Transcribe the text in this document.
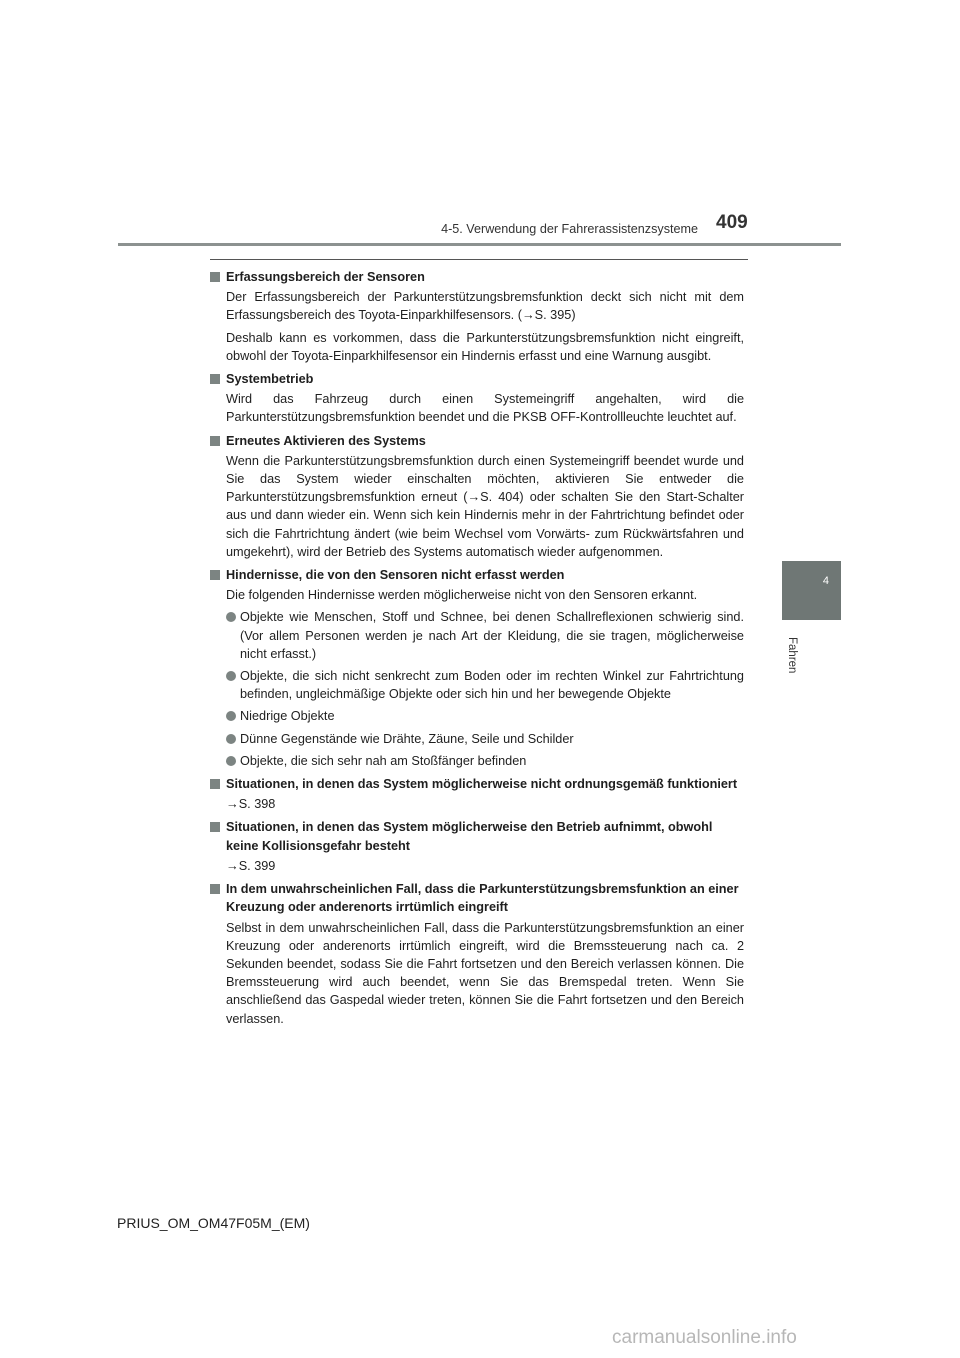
4-5. Verwendung der Fahrerassistenzsysteme 409
4
Fahren
Erfassungsbereich der Sensoren
Der Erfassungsbereich der Parkunterstützungsbremsfunktion deckt sich nicht mit dem Erfassungsbereich des Toyota-Einparkhilfesensors. (→S. 395)
Deshalb kann es vorkommen, dass die Parkunterstützungsbremsfunktion nicht eingreift, obwohl der Toyota-Einparkhilfesensor ein Hindernis erfasst und eine Warnung ausgibt.
Systembetrieb
Wird das Fahrzeug durch einen Systemeingriff angehalten, wird die Parkunterstützungsbremsfunktion beendet und die PKSB OFF-Kontrollleuchte leuchtet auf.
Erneutes Aktivieren des Systems
Wenn die Parkunterstützungsbremsfunktion durch einen Systemeingriff beendet wurde und Sie das System wieder einschalten möchten, aktivieren Sie entweder die Parkunterstützungsbremsfunktion erneut (→S. 404) oder schalten Sie den Start-Schalter aus und dann wieder ein. Wenn sich kein Hindernis mehr in der Fahrtrichtung befindet oder sich die Fahrtrichtung ändert (wie beim Wechsel vom Vorwärts- zum Rückwärtsfahren und umgekehrt), wird der Betrieb des Systems automatisch wieder aufgenommen.
Hindernisse, die von den Sensoren nicht erfasst werden
Die folgenden Hindernisse werden möglicherweise nicht von den Sensoren erkannt.
Objekte wie Menschen, Stoff und Schnee, bei denen Schallreflexionen schwierig sind. (Vor allem Personen werden je nach Art der Kleidung, die sie tragen, möglicherweise nicht erfasst.)
Objekte, die sich nicht senkrecht zum Boden oder im rechten Winkel zur Fahrtrichtung befinden, ungleichmäßige Objekte oder sich hin und her bewegende Objekte
Niedrige Objekte
Dünne Gegenstände wie Drähte, Zäune, Seile und Schilder
Objekte, die sich sehr nah am Stoßfänger befinden
Situationen, in denen das System möglicherweise nicht ordnungsgemäß funktioniert
→S. 398
Situationen, in denen das System möglicherweise den Betrieb aufnimmt, obwohl keine Kollisionsgefahr besteht
→S. 399
In dem unwahrscheinlichen Fall, dass die Parkunterstützungsbremsfunktion an einer Kreuzung oder anderenorts irrtümlich eingreift
Selbst in dem unwahrscheinlichen Fall, dass die Parkunterstützungsbremsfunktion an einer Kreuzung oder anderenorts irrtümlich eingreift, wird die Bremssteuerung nach ca. 2 Sekunden beendet, sodass Sie die Fahrt fortsetzen und den Bereich verlassen können. Die Bremssteuerung wird auch beendet, wenn Sie das Bremspedal treten. Wenn Sie anschließend das Gaspedal wieder treten, können Sie die Fahrt fortsetzen und den Bereich verlassen.
PRIUS_OM_OM47F05M_(EM)
carmanualsonline.info
